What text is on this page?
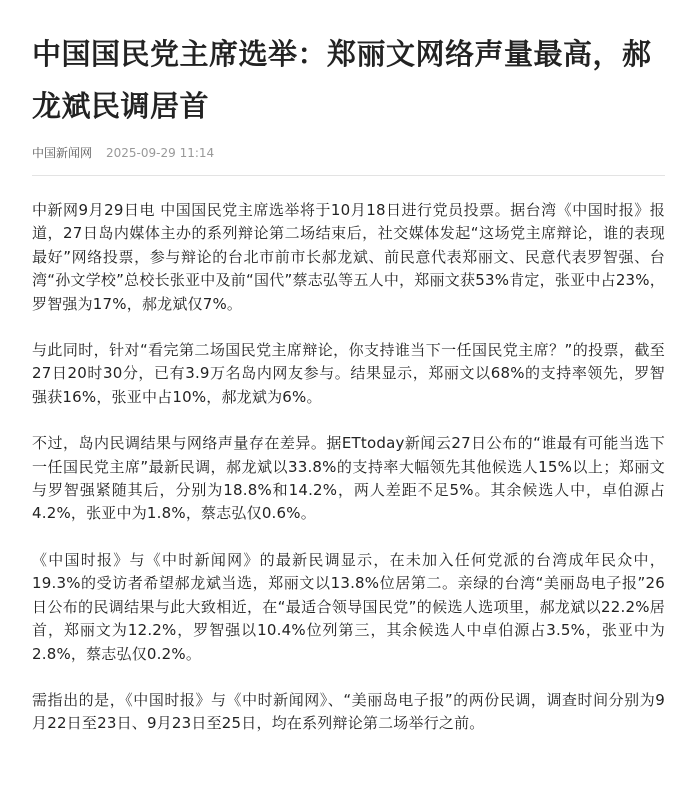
中国国民党主席选举：郑丽文网络声量最高，郝龙斌民调居首
中国新闻网 2025-09-29 11:14

中新网9月29日电 中国国民党主席选举将于10月18日进行党员投票。据台湾《中国时报》报道，27日岛内媒体主办的系列辩论第二场结束后，社交媒体发起“这场党主席辩论，谁的表现最好”网络投票，参与辩论的台北市前市长郝龙斌、前民意代表郑丽文、民意代表罗智强、台湾“孙文学校”总校长张亚中及前“国代”蔡志弘等五人中，郑丽文获53%肯定，张亚中占23%，罗智强为17%，郝龙斌仅7%。

与此同时，针对“看完第二场国民党主席辩论，你支持谁当下一任国民党主席？”的投票，截至27日20时30分，已有3.9万名岛内网友参与。结果显示，郑丽文以68%的支持率领先，罗智强获16%，张亚中占10%，郝龙斌为6%。

不过，岛内民调结果与网络声量存在差异。据ETtoday新闻云27日公布的“谁最有可能当选下一任国民党主席”最新民调，郝龙斌以33.8%的支持率大幅领先其他候选人15%以上；郑丽文与罗智强紧随其后，分别为18.8%和14.2%，两人差距不足5%。其余候选人中，卓伯源占4.2%，张亚中为1.8%，蔡志弘仅0.6%。

《中国时报》与《中时新闻网》的最新民调显示，在未加入任何党派的台湾成年民众中，19.3%的受访者希望郝龙斌当选，郑丽文以13.8%位居第二。亲绿的台湾“美丽岛电子报”26日公布的民调结果与此大致相近，在“最适合领导国民党”的候选人选项里，郝龙斌以22.2%居首，郑丽文为12.2%，罗智强以10.4%位列第三，其余候选人中卓伯源占3.5%，张亚中为2.8%，蔡志弘仅0.2%。

需指出的是，《中国时报》与《中时新闻网》、“美丽岛电子报”的两份民调，调查时间分别为9月22日至23日、9月23日至25日，均在系列辩论第二场举行之前。
